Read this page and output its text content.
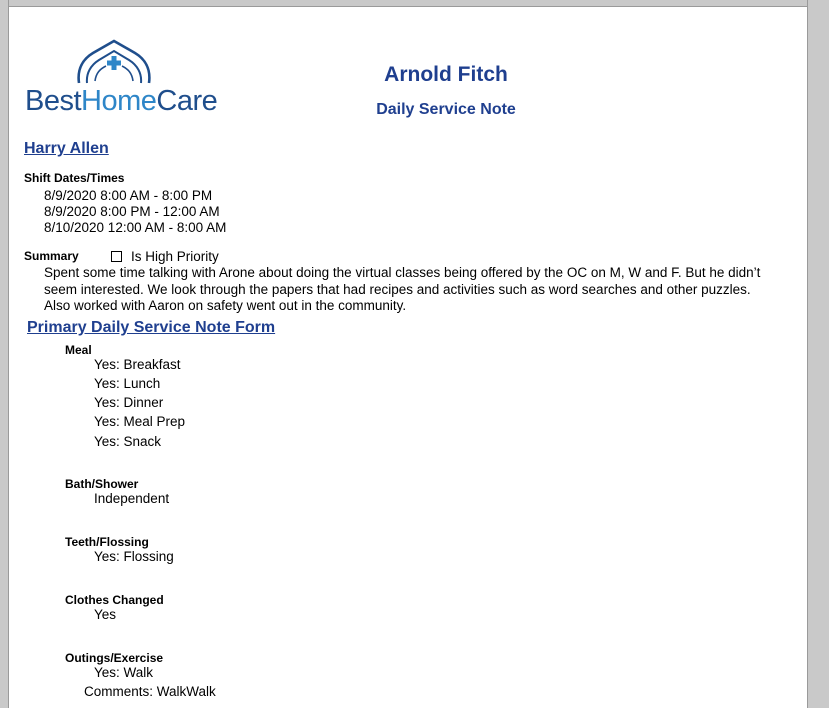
BestHomeCare
Arnold Fitch
Daily Service Note
Harry Allen
Shift Dates/Times
8/9/2020 8:00 AM - 8:00 PM
8/9/2020 8:00 PM - 12:00 AM
8/10/2020 12:00 AM - 8:00 AM
Summary	Is High Priority
Spent some time talking with Arone about doing the virtual classes being offered by the OC on M, W and F. But he didn’t seem interested. We look through the papers that had recipes and activities such as word searches and other puzzles. Also worked with Aaron on safety went out in the community.
Primary Daily Service Note Form
Meal
Yes: Breakfast
Yes: Lunch
Yes: Dinner
Yes: Meal Prep
Yes: Snack
Bath/Shower
Independent
Teeth/Flossing
Yes: Flossing
Clothes Changed
Yes
Outings/Exercise
Yes: Walk
Comments: WalkWalk
